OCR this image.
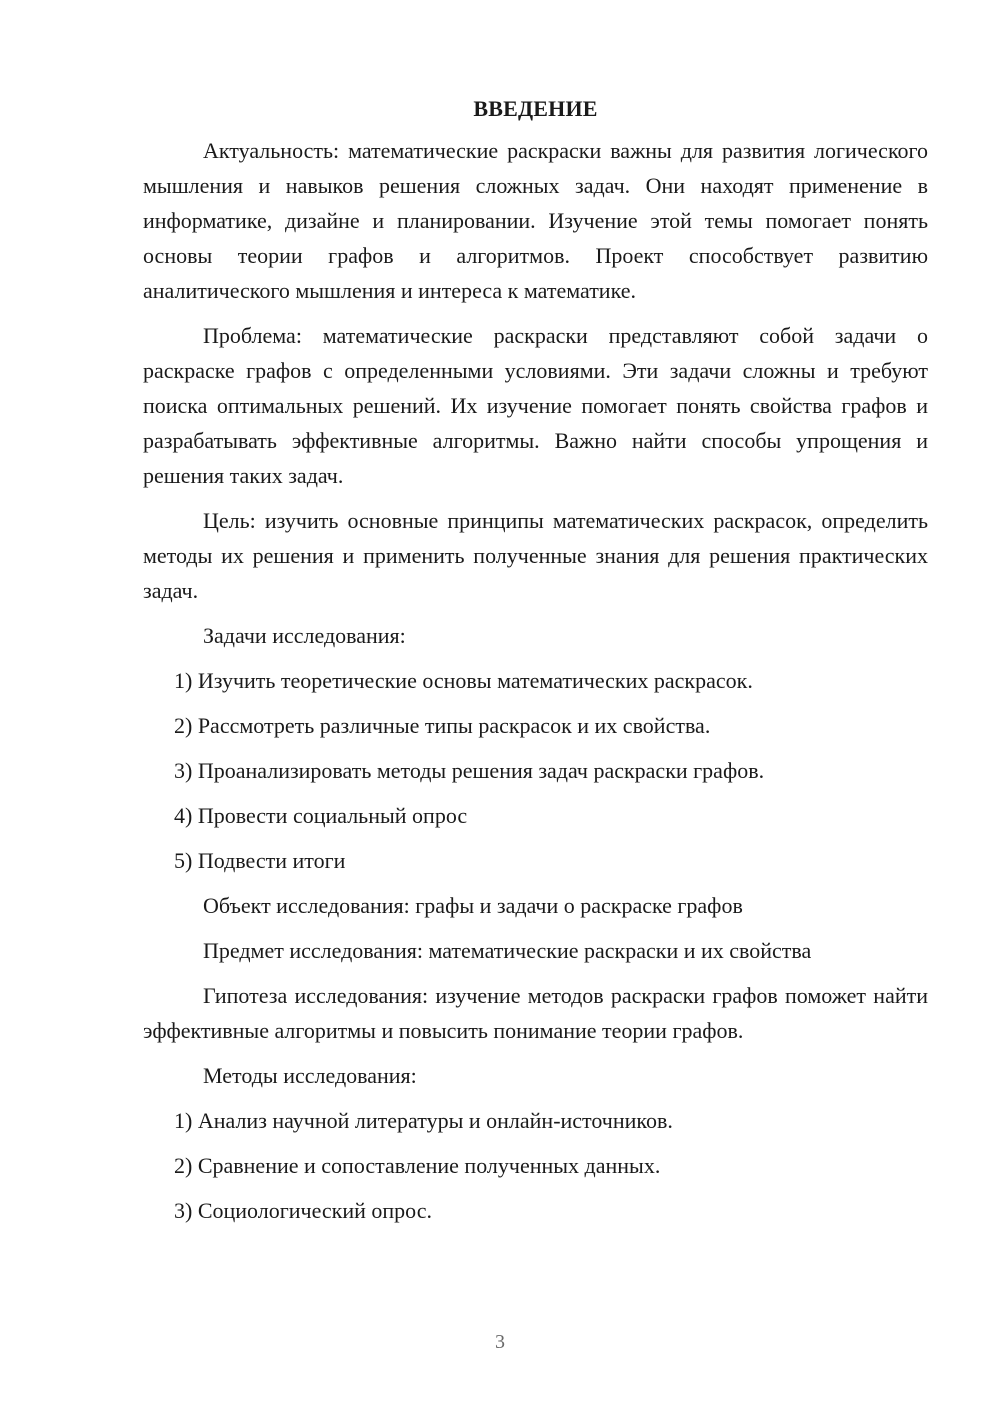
ВВЕДЕНИЕ

Актуальность: математические раскраски важны для развития логического мышления и навыков решения сложных задач. Они находят применение в информатике, дизайне и планировании. Изучение этой темы помогает понять основы теории графов и алгоритмов. Проект способствует развитию аналитического мышления и интереса к математике.

Проблема: математические раскраски представляют собой задачи о раскраске графов с определенными условиями. Эти задачи сложны и требуют поиска оптимальных решений. Их изучение помогает понять свойства графов и разрабатывать эффективные алгоритмы. Важно найти способы упрощения и решения таких задач.

Цель: изучить основные принципы математических раскрасок, определить методы их решения и применить полученные знания для решения практических задач.

Задачи исследования:
1) Изучить теоретические основы математических раскрасок.
2) Рассмотреть различные типы раскрасок и их свойства.
3) Проанализировать методы решения задач раскраски графов.
4) Провести социальный опрос
5) Подвести итоги
Объект исследования: графы и задачи о раскраске графов
Предмет исследования: математические раскраски и их свойства

Гипотеза исследования: изучение методов раскраски графов поможет найти эффективные алгоритмы и повысить понимание теории графов.

Методы исследования:
1) Анализ научной литературы и онлайн-источников.
2) Сравнение и сопоставление полученных данных.
3) Социологический опрос.
3
